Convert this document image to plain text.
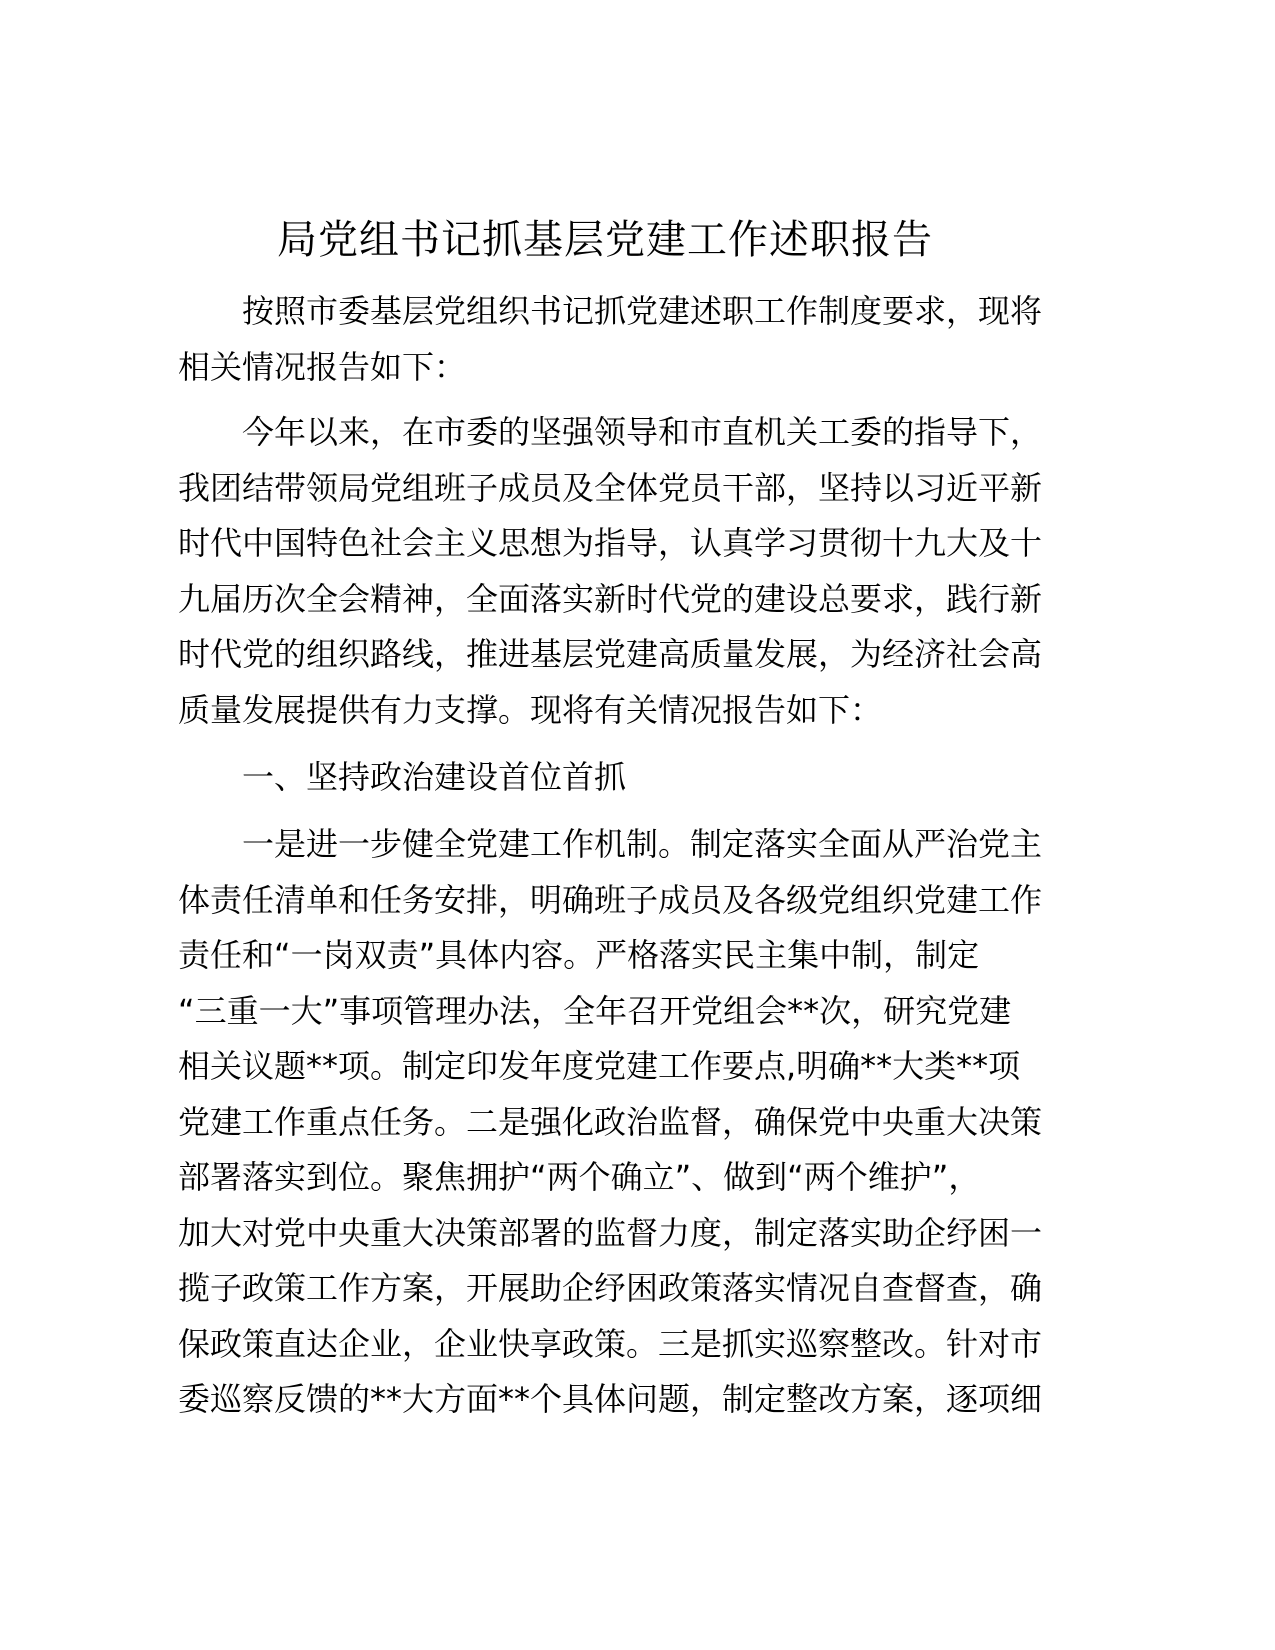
局党组书记抓基层党建工作述职报告
按照市委基层党组织书记抓党建述职工作制度要求，现将
相关情况报告如下：
今年以来，在市委的坚强领导和市直机关工委的指导下，
我团结带领局党组班子成员及全体党员干部，坚持以习近平新
时代中国特色社会主义思想为指导，认真学习贯彻十九大及十
九届历次全会精神，全面落实新时代党的建设总要求，践行新
时代党的组织路线，推进基层党建高质量发展，为经济社会高
质量发展提供有力支撑。现将有关情况报告如下：
一、坚持政治建设首位首抓
一是进一步健全党建工作机制。制定落实全面从严治党主
体责任清单和任务安排，明确班子成员及各级党组织党建工作
责任和“一岗双责”具体内容。严格落实民主集中制，制定
“三重一大”事项管理办法，全年召开党组会**次，研究党建
相关议题**项。制定印发年度党建工作要点,明确**大类**项
党建工作重点任务。二是强化政治监督，确保党中央重大决策
部署落实到位。聚焦拥护“两个确立”、做到“两个维护”，
加大对党中央重大决策部署的监督力度，制定落实助企纾困一
揽子政策工作方案，开展助企纾困政策落实情况自查督查，确
保政策直达企业，企业快享政策。三是抓实巡察整改。针对市
委巡察反馈的**大方面**个具体问题，制定整改方案，逐项细
